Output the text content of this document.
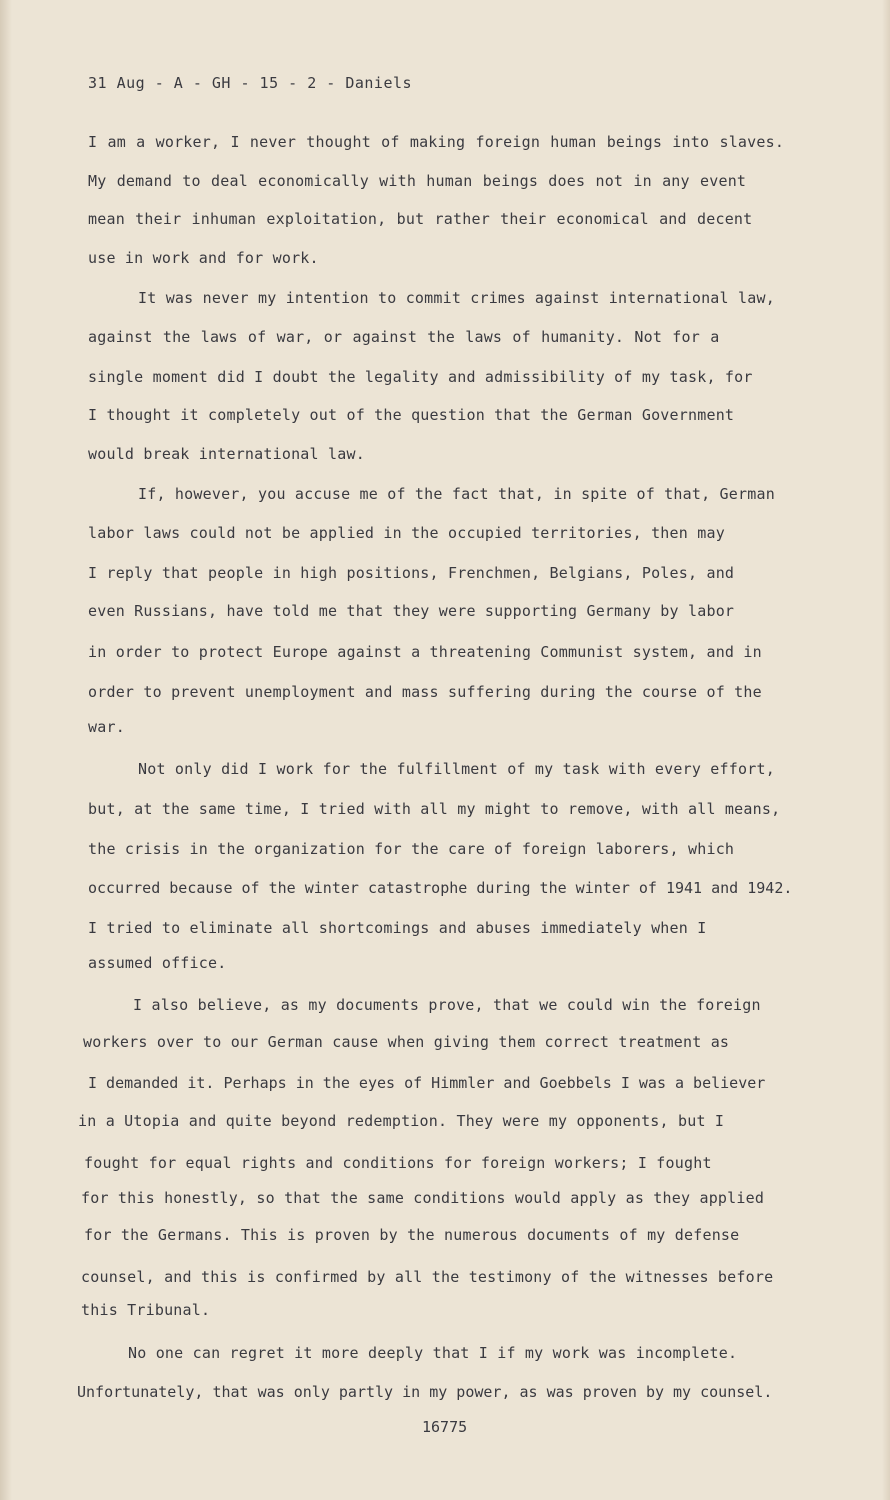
31 Aug - A - GH - 15 - 2 - Daniels
I am a worker, I never thought of making foreign human beings into slaves.
My demand to deal economically with human beings does not in any event
mean their inhuman exploitation, but rather their economical and decent
use in work and for work.
It was never my intention to commit crimes against international law,
against the laws of war, or against the laws of humanity. Not for a
single moment did I doubt the legality and admissibility of my task, for
I thought it completely out of the question that the German Government
would break international law.
If, however, you accuse me of the fact that, in spite of that, German
labor laws could not be applied in the occupied territories, then may
I reply that people in high positions, Frenchmen, Belgians, Poles, and
even Russians, have told me that they were supporting Germany by labor
in order to protect Europe against a threatening Communist system, and in
order to prevent unemployment and mass suffering during the course of the
war.
Not only did I work for the fulfillment of my task with every effort,
but, at the same time, I tried with all my might to remove, with all means,
the crisis in the organization for the care of foreign laborers, which
occurred because of the winter catastrophe during the winter of 1941 and 1942.
I tried to eliminate all shortcomings and abuses immediately when I
assumed office.
I also believe, as my documents prove, that we could win the foreign
workers over to our German cause when giving them correct treatment as
I demanded it. Perhaps in the eyes of Himmler and Goebbels I was a believer
in a Utopia and quite beyond redemption. They were my opponents, but I
fought for equal rights and conditions for foreign workers; I fought
for this honestly, so that the same conditions would apply as they applied
for the Germans. This is proven by the numerous documents of my defense
counsel, and this is confirmed by all the testimony of the witnesses before
this Tribunal.
No one can regret it more deeply that I if my work was incomplete.
Unfortunately, that was only partly in my power, as was proven by my counsel.
16775
